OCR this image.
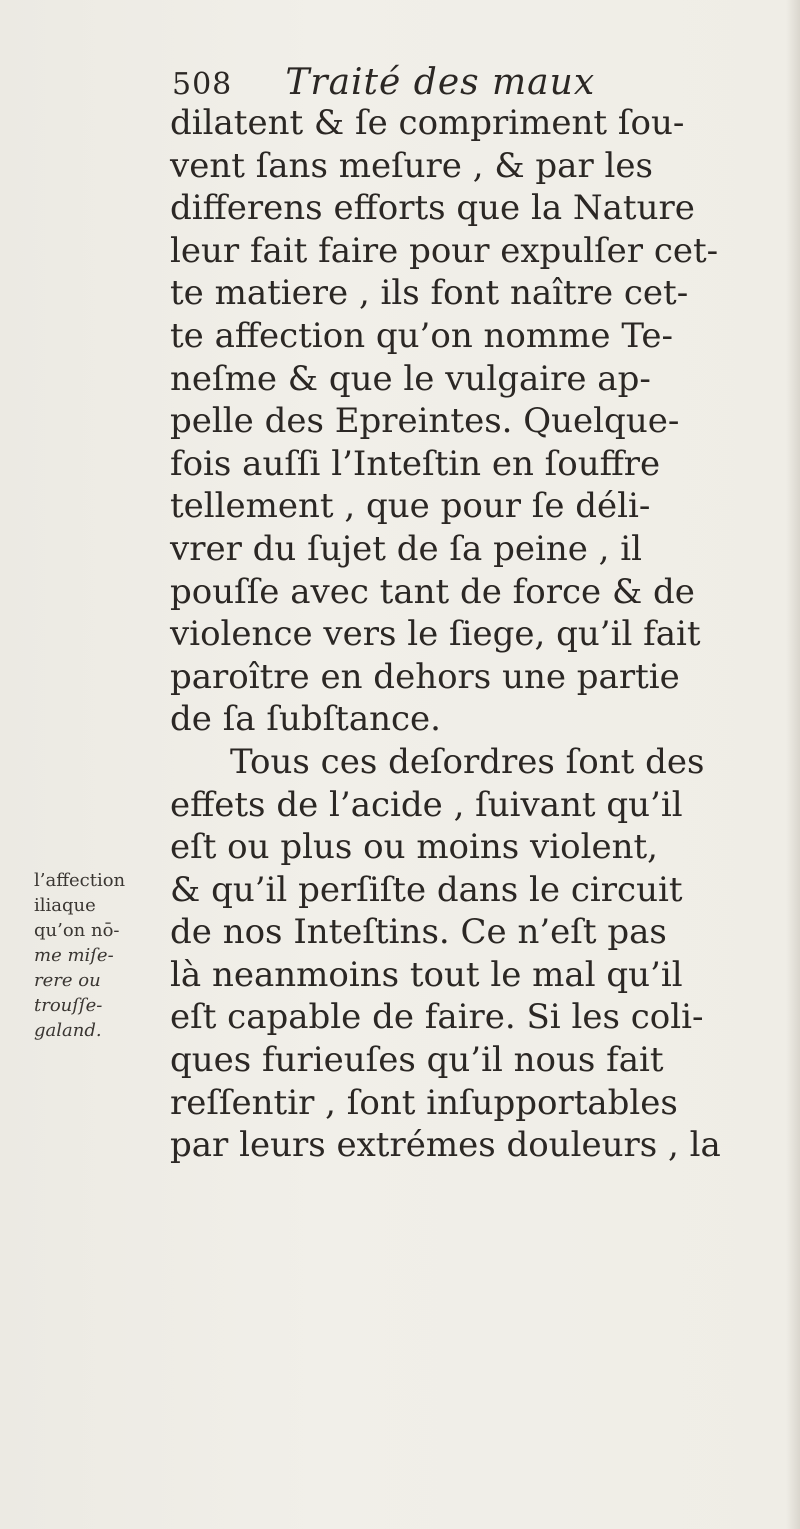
508 Traité des maux
l’affection
iliaque
qu’on nō-
me miſe-
rere ou
trouſſe-
galand.
dilatent & ſe compriment ſou-
vent ſans meſure , & par les
differens efforts que la Nature
leur fait faire pour expulſer cet-
te matiere , ils font naître cet-
te affection qu’on nomme Te-
neſme & que le vulgaire ap-
pelle des Epreintes. Quelque-
fois auſſi l’Inteſtin en ſouffre
tellement , que pour ſe déli-
vrer du ſujet de ſa peine , il
pouſſe avec tant de force & de
violence vers le ſiege, qu’il fait
paroître en dehors une partie
de ſa ſubſtance.
Tous ces deſordres ſont des
effets de l’acide , ſuivant qu’il
eſt ou plus ou moins violent,
& qu’il perſiſte dans le circuit
de nos Inteſtins. Ce n’eſt pas
là neanmoins tout le mal qu’il
eſt capable de faire. Si les coli-
ques furieuſes qu’il nous fait
reſſentir , ſont inſupportables
par leurs extrémes douleurs , la
